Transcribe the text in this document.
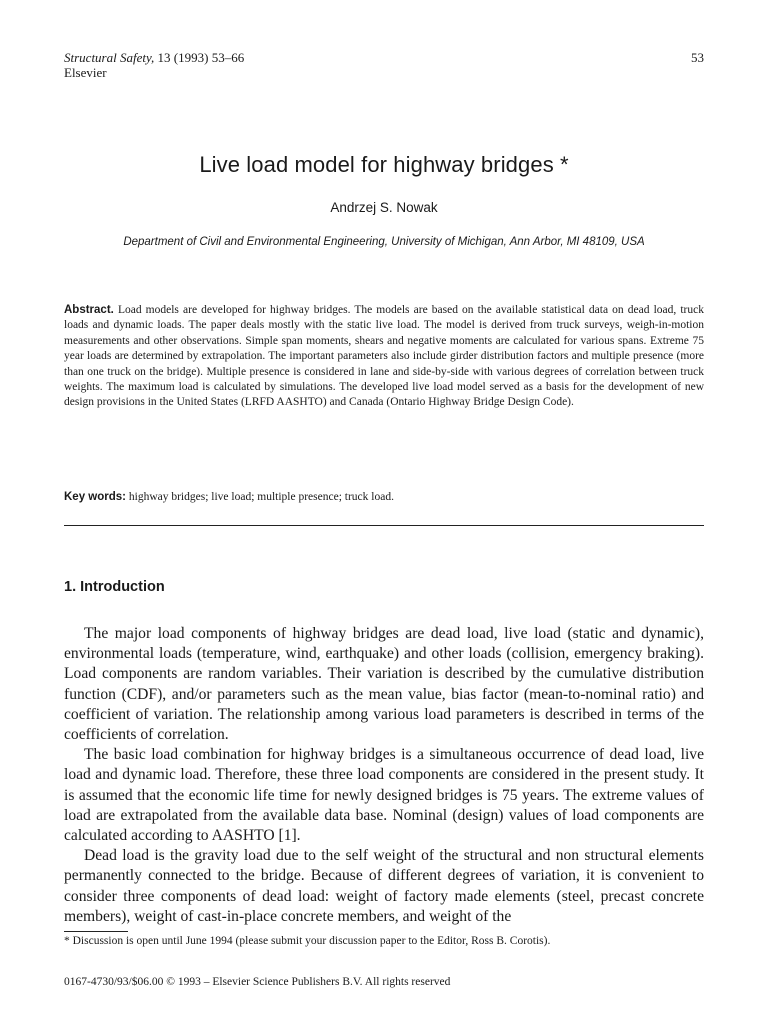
Structural Safety, 13 (1993) 53–66
Elsevier
53
Live load model for highway bridges *
Andrzej S. Nowak
Department of Civil and Environmental Engineering, University of Michigan, Ann Arbor, MI 48109, USA
Abstract. Load models are developed for highway bridges. The models are based on the available statistical data on dead load, truck loads and dynamic loads. The paper deals mostly with the static live load. The model is derived from truck surveys, weigh-in-motion measurements and other observations. Simple span moments, shears and negative moments are calculated for various spans. Extreme 75 year loads are determined by extrapolation. The important parameters also include girder distribution factors and multiple presence (more than one truck on the bridge). Multiple presence is considered in lane and side-by-side with various degrees of correlation between truck weights. The maximum load is calculated by simulations. The developed live load model served as a basis for the development of new design provisions in the United States (LRFD AASHTO) and Canada (Ontario Highway Bridge Design Code).
Key words: highway bridges; live load; multiple presence; truck load.
1. Introduction

The major load components of highway bridges are dead load, live load (static and dynamic), environmental loads (temperature, wind, earthquake) and other loads (collision, emergency braking). Load components are random variables. Their variation is described by the cumulative distribution function (CDF), and/or parameters such as the mean value, bias factor (mean-to-nominal ratio) and coefficient of variation. The relationship among various load parameters is described in terms of the coefficients of correlation.

The basic load combination for highway bridges is a simultaneous occurrence of dead load, live load and dynamic load. Therefore, these three load components are considered in the present study. It is assumed that the economic life time for newly designed bridges is 75 years. The extreme values of load are extrapolated from the available data base. Nominal (design) values of load components are calculated according to AASHTO [1].

Dead load is the gravity load due to the self weight of the structural and non structural elements permanently connected to the bridge. Because of different degrees of variation, it is convenient to consider three components of dead load: weight of factory made elements (steel, precast concrete members), weight of cast-in-place concrete members, and weight of the

* Discussion is open until June 1994 (please submit your discussion paper to the Editor, Ross B. Corotis).
0167-4730/93/$06.00 © 1993 – Elsevier Science Publishers B.V. All rights reserved
